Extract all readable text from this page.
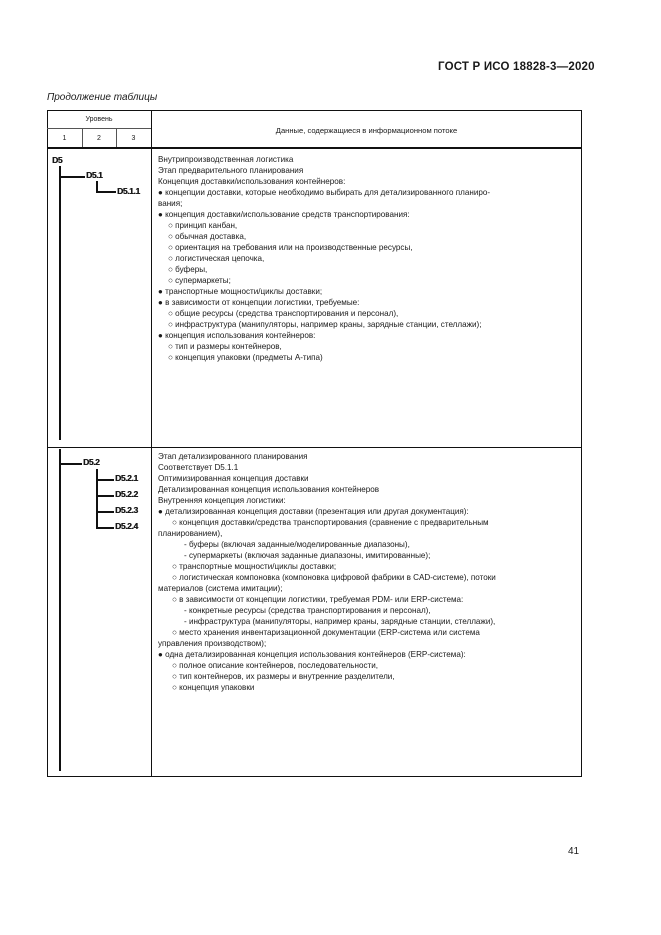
ГОСТ Р ИСО 18828-3—2020
Продолжение таблицы
Уровень
1	2	3
Данные, содержащиеся в информационном потоке
D5
D5.1
D5.1.1

Внутрипроизводственная логистика

Этап предварительного планирования

Концепция доставки/использования контейнеров:

● концепции доставки, которые необходимо выбирать для детализированного планиро-

вания;

● концепция доставки/использование средств транспортирования:

○ принцип канбан,

○ обычная доставка,

○ ориентация на требования или на производственные ресурсы,

○ логистическая цепочка,

○ буферы,

○ супермаркеты;

● транспортные мощности/циклы доставки;

● в зависимости от концепции логистики, требуемые:

○ общие ресурсы (средства транспортирования и персонал),

○ инфраструктура (манипуляторы, например краны, зарядные станции, стеллажи);

● концепция использования контейнеров:

○ тип и размеры контейнеров,

○ концепция упаковки (предметы А-типа)

D5.2
D5.2.1
D5.2.2
D5.2.3
D5.2.4

Этап детализированного планирования

Соответствует D5.1.1

Оптимизированная концепция доставки

Детализированная концепция использования контейнеров

Внутренняя концепция логистики:

● детализированная концепция доставки (презентация или другая документация):

○ концепция доставки/средства транспортирования (сравнение с предварительным

планированием),

- буферы (включая заданные/моделированные диапазоны),

- супермаркеты (включая заданные диапазоны, имитированные);

○ транспортные мощности/циклы доставки;

○ логистическая компоновка (компоновка цифровой фабрики в CAD-системе), потоки

материалов (система имитации);

○ в зависимости от концепции логистики, требуемая PDM- или ERP-система:

- конкретные ресурсы (средства транспортирования и персонал),

- инфраструктура (манипуляторы, например краны, зарядные станции, стеллажи),

○ место хранения инвентаризационной документации (ERP-система или система

управления производством);

● одна детализированная концепция использования контейнеров (ERP-система):

○ полное описание контейнеров, последовательности,

○ тип контейнеров, их размеры и внутренние разделители,

○ концепция упаковки

41
